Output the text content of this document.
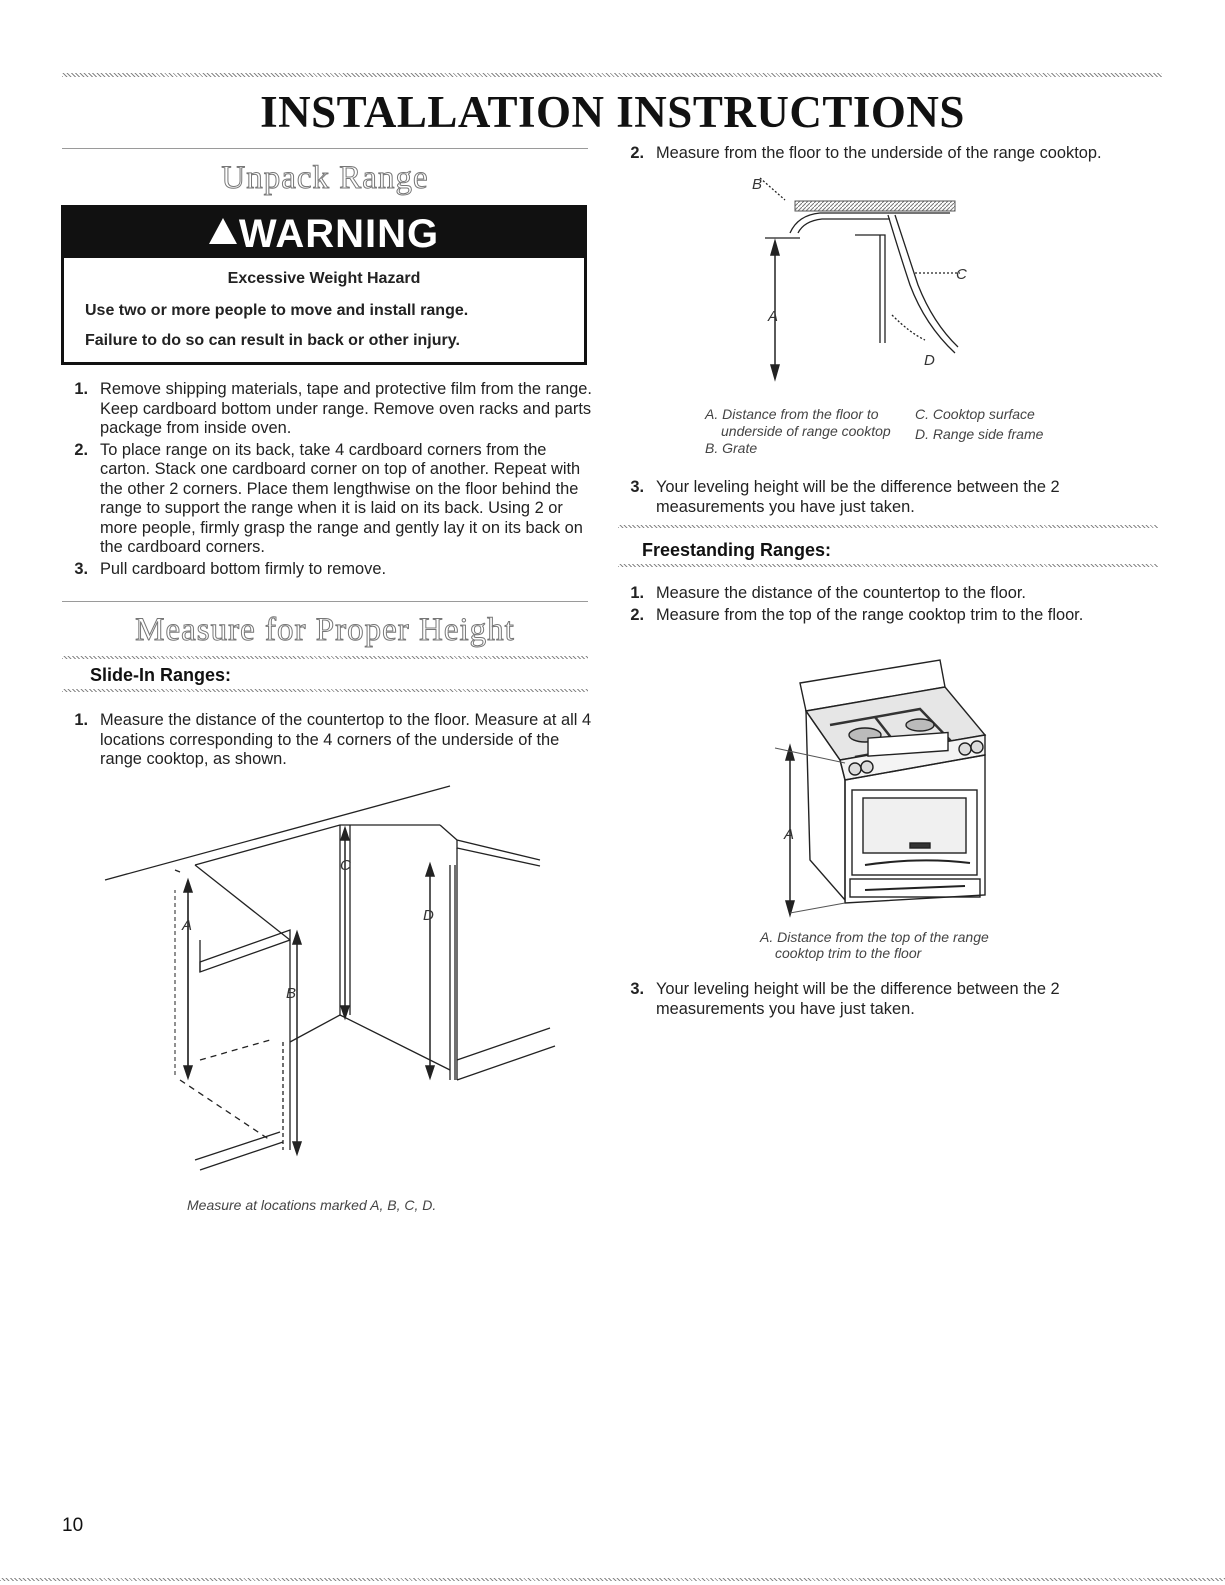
INSTALLATION INSTRUCTIONS
Unpack Range
WARNING
Excessive Weight Hazard
Use two or more people to move and install range.
Failure to do so can result in back or other injury.
1. Remove shipping materials, tape and protective film from the range. Keep cardboard bottom under range. Remove oven racks and parts package from inside oven.
2. To place range on its back, take 4 cardboard corners from the carton. Stack one cardboard corner on top of another. Repeat with the other 2 corners. Place them lengthwise on the floor behind the range to support the range when it is laid on its back. Using 2 or more people, firmly grasp the range and gently lay it on its back on the cardboard corners.
3. Pull cardboard bottom firmly to remove.
Measure for Proper Height
Slide-In Ranges:
1. Measure the distance of the countertop to the floor. Measure at all 4 locations corresponding to the 4 corners of the underside of the range cooktop, as shown.
A
B
C
D
Measure at locations marked A, B, C, D.
2. Measure from the floor to the underside of the range cooktop.
B
C
A
D
A. Distance from the floor to
underside of range cooktop
B. Grate
C. Cooktop surface
D. Range side frame
3. Your leveling height will be the difference between the 2 measurements you have just taken.
Freestanding Ranges:
1. Measure the distance of the countertop to the floor.
2. Measure from the top of the range cooktop trim to the floor.
A
A. Distance from the top of the range
cooktop trim to the floor
3. Your leveling height will be the difference between the 2 measurements you have just taken.
10
